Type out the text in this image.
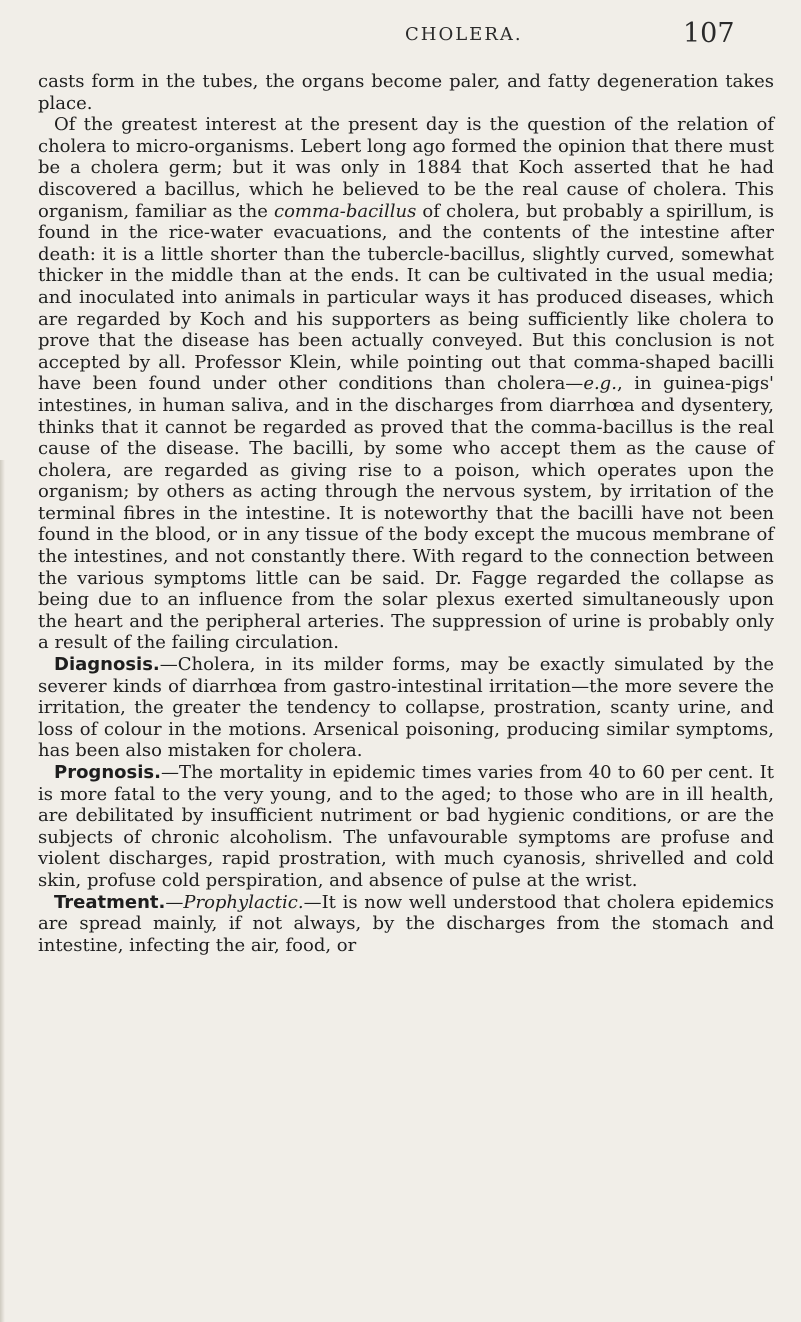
CHOLERA.	107

casts form in the tubes, the organs become paler, and fatty degeneration takes place.

Of the greatest interest at the present day is the question of the relation of cholera to micro-organisms. Lebert long ago formed the opinion that there must be a cholera germ; but it was only in 1884 that Koch asserted that he had discovered a bacillus, which he believed to be the real cause of cholera. This organism, familiar as the comma-bacillus of cholera, but probably a spirillum, is found in the rice-water evacuations, and the contents of the intestine after death: it is a little shorter than the tubercle-bacillus, slightly curved, somewhat thicker in the middle than at the ends. It can be cultivated in the usual media; and inoculated into animals in particular ways it has produced diseases, which are regarded by Koch and his supporters as being sufficiently like cholera to prove that the disease has been actually conveyed. But this conclusion is not accepted by all. Professor Klein, while pointing out that comma-shaped bacilli have been found under other conditions than cholera—e.g., in guinea-pigs' intestines, in human saliva, and in the discharges from diarrhœa and dysentery, thinks that it cannot be regarded as proved that the comma-bacillus is the real cause of the disease. The bacilli, by some who accept them as the cause of cholera, are regarded as giving rise to a poison, which operates upon the organism; by others as acting through the nervous system, by irritation of the terminal fibres in the intestine. It is noteworthy that the bacilli have not been found in the blood, or in any tissue of the body except the mucous membrane of the intestines, and not constantly there. With regard to the connection between the various symptoms little can be said. Dr. Fagge regarded the collapse as being due to an influence from the solar plexus exerted simultaneously upon the heart and the peripheral arteries. The suppression of urine is probably only a result of the failing circulation.

Diagnosis.—Cholera, in its milder forms, may be exactly simulated by the severer kinds of diarrhœa from gastro-intestinal irritation—the more severe the irritation, the greater the tendency to collapse, prostration, scanty urine, and loss of colour in the motions. Arsenical poisoning, producing similar symptoms, has been also mistaken for cholera.

Prognosis.—The mortality in epidemic times varies from 40 to 60 per cent. It is more fatal to the very young, and to the aged; to those who are in ill health, are debilitated by insufficient nutriment or bad hygienic conditions, or are the subjects of chronic alcoholism. The unfavourable symptoms are profuse and violent discharges, rapid prostration, with much cyanosis, shrivelled and cold skin, profuse cold perspiration, and absence of pulse at the wrist.

Treatment.—Prophylactic.—It is now well understood that cholera epidemics are spread mainly, if not always, by the discharges from the stomach and intestine, infecting the air, food, or
